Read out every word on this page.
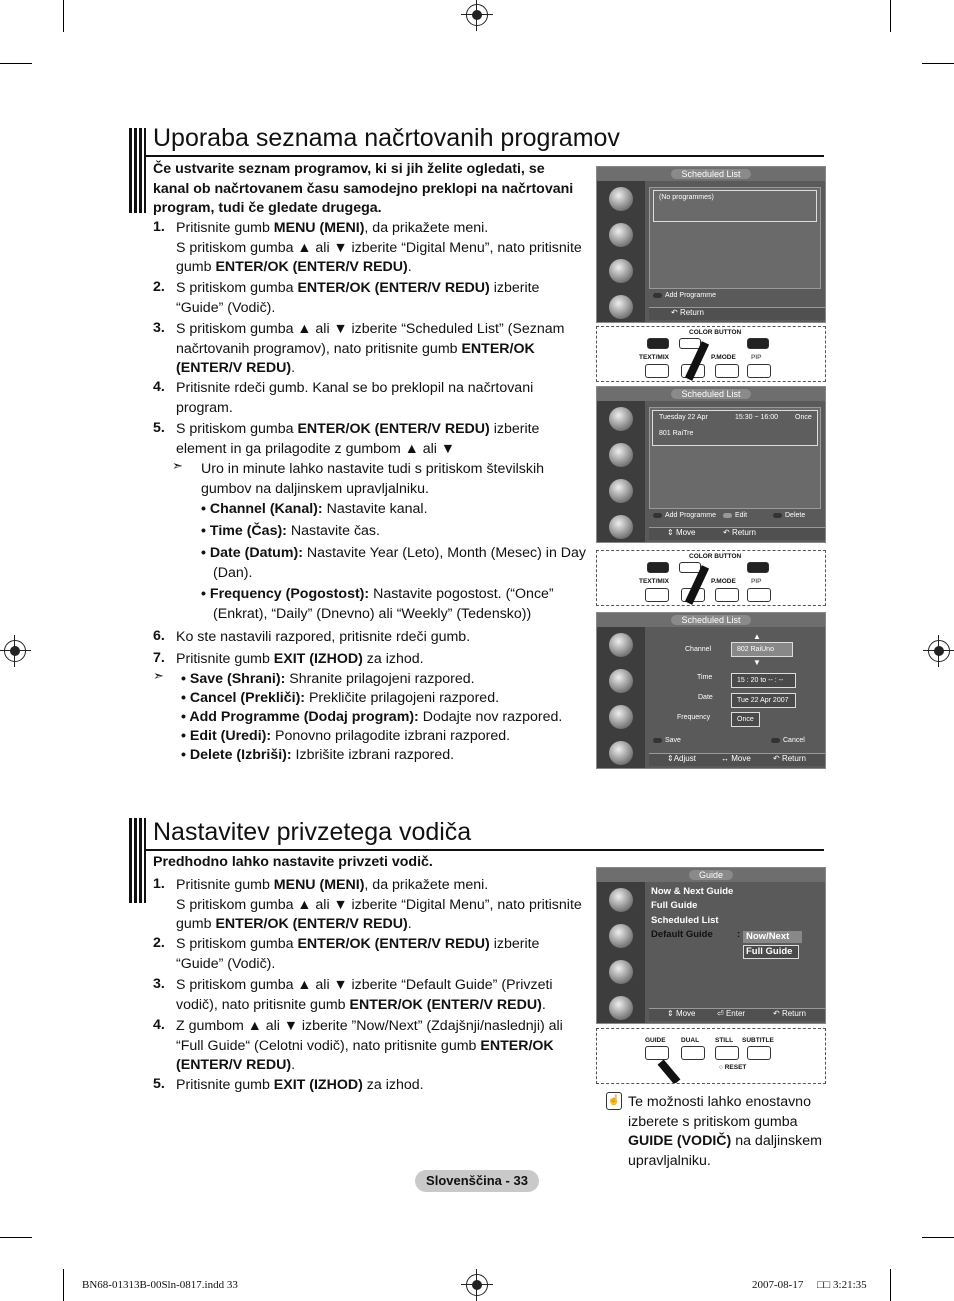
Uporaba seznama načrtovanih programov
Če ustvarite seznam programov, ki si jih želite ogledati, se kanal ob načrtovanem času samodejno preklopi na načrtovani program, tudi če gledate drugega.
Nastavitev privzetega vodiča
Predhodno lahko nastavite privzeti vodič.
☝ Te možnosti lahko enostavno izberete s pritiskom gumba GUIDE (VODIČ) na daljinskem upravljalniku.
Scheduled List
(No programmes)
Add Programme
↶ Return
COLOR BUTTON
TEXT/MIX	P.MODE PIP
Scheduled List
Tuesday 22 Apr	15:30 ~ 16:00 Once
801 RaiTre
Add Programme	Edit	Delete
⇕ Move	↶ Return
COLOR BUTTON
TEXT/MIX	P.MODE PIP
Scheduled List
▲
Channel	802 RaiUno
▼
Time	15 : 20 to -- : --
Date	Tue 22 Apr 2007
Frequency	Once
Save	Cancel
⇕Adjust	↔ Move	↶ Return
Guide
Now & Next Guide
Full Guide
Scheduled List
Default Guide	: Now/Next
Full Guide
⇕ Move	⏎ Enter	↶ Return
GUIDE DUAL STILL SUBTITLE
○ RESET
Slovenščina - 33
BN68-01313B-00Sln-0817.indd 33	2007-08-17 □□ 3:21:35
1. Pritisnite gumb MENU (MENI), da prikažete meni.
S pritiskom gumba ▲ ali ▼ izberite “Digital Menu”, nato pritisnite gumb ENTER/OK (ENTER/V REDU).
2. S pritiskom gumba ENTER/OK (ENTER/V REDU) izberite “Guide” (Vodič).
3. S pritiskom gumba ▲ ali ▼ izberite “Scheduled List” (Seznam načrtovanih programov), nato pritisnite gumb ENTER/OK (ENTER/V REDU).
4. Pritisnite rdeči gumb. Kanal se bo preklopil na načrtovani program.
5. S pritiskom gumba ENTER/OK (ENTER/V REDU) izberite element in ga prilagodite z gumbom ▲ ali ▼
6. Ko ste nastavili razpored, pritisnite rdeči gumb.
7. Pritisnite gumb EXIT (IZHOD) za izhod.
➣ Uro in minute lahko nastavite tudi s pritiskom številskih gumbov na daljinskem upravljalniku.
• Channel (Kanal): Nastavite kanal.
• Time (Čas): Nastavite čas.
• Date (Datum): Nastavite Year (Leto), Month (Mesec) in Day (Dan).
• Frequency (Pogostost): Nastavite pogostost. (“Once” (Enkrat), “Daily” (Dnevno) ali “Weekly” (Tedensko))
➣ • Save (Shrani): Shranite prilagojeni razpored.
• Cancel (Prekliči): Prekličite prilagojeni razpored.
• Add Programme (Dodaj program): Dodajte nov razpored.
• Edit (Uredi): Ponovno prilagodite izbrani razpored.
• Delete (Izbriši): Izbrišite izbrani razpored.
1. Pritisnite gumb MENU (MENI), da prikažete meni.
S pritiskom gumba ▲ ali ▼ izberite “Digital Menu”, nato pritisnite gumb ENTER/OK (ENTER/V REDU).
2. S pritiskom gumba ENTER/OK (ENTER/V REDU) izberite “Guide” (Vodič).
3. S pritiskom gumba ▲ ali ▼ izberite “Default Guide” (Privzeti vodič), nato pritisnite gumb ENTER/OK (ENTER/V REDU).
4. Z gumbom ▲ ali ▼ izberite ”Now/Next” (Zdajšnji/naslednji) ali “Full Guide“ (Celotni vodič), nato pritisnite gumb ENTER/OK (ENTER/V REDU).
5. Pritisnite gumb EXIT (IZHOD) za izhod.
